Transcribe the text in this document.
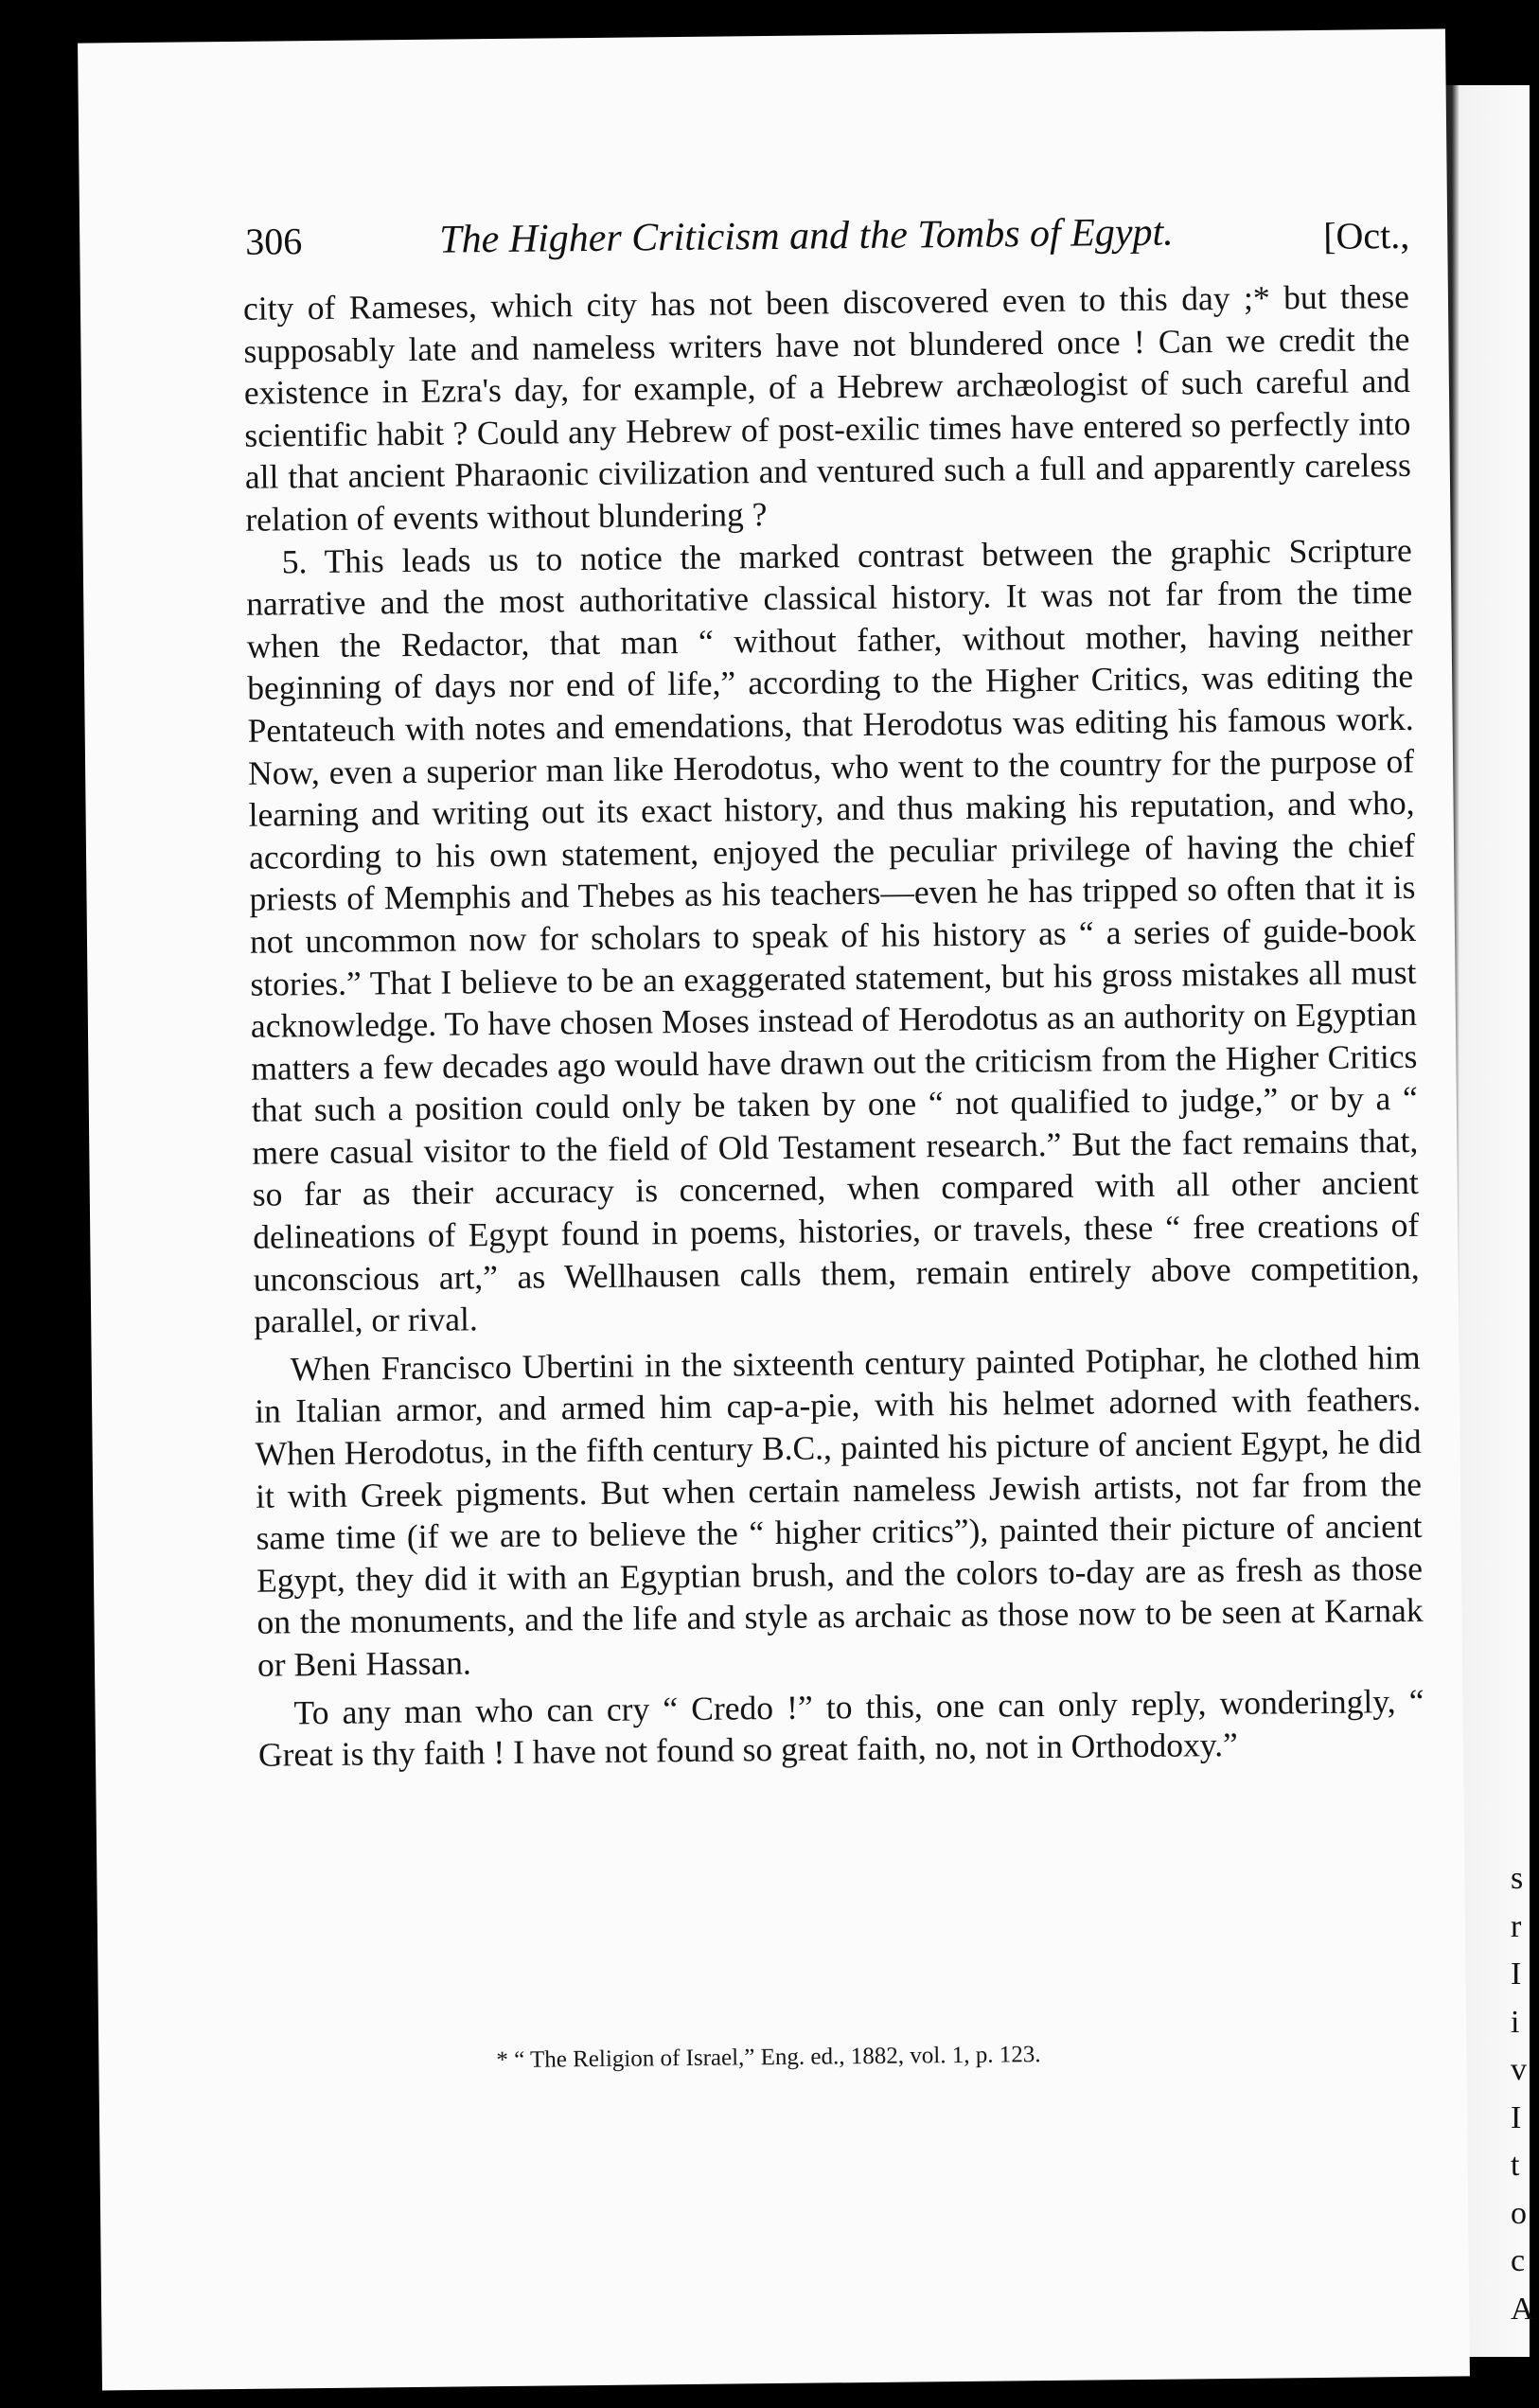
s
r
I
i
v
I
t
o
c
A
306	The Higher Criticism and the Tombs of Egypt.	[Oct.,

city of Rameses, which city has not been discovered even to this day ;* but these supposably late and nameless writers have not blundered once ! Can we credit the existence in Ezra's day, for example, of a Hebrew archæologist of such careful and scientific habit ? Could any Hebrew of post-exilic times have entered so perfectly into all that ancient Pharaonic civilization and ventured such a full and apparently careless relation of events without blundering ?

5. This leads us to notice the marked contrast between the graphic Scripture narrative and the most authoritative classical history. It was not far from the time when the Redactor, that man “ without father, without mother, having neither beginning of days nor end of life,” according to the Higher Critics, was editing the Pentateuch with notes and emendations, that Herodotus was editing his famous work. Now, even a superior man like Herodotus, who went to the country for the purpose of learning and writing out its exact history, and thus making his reputation, and who, according to his own statement, enjoyed the peculiar privilege of having the chief priests of Memphis and Thebes as his teachers—even he has tripped so often that it is not uncommon now for scholars to speak of his history as “ a series of guide-book stories.” That I believe to be an exaggerated statement, but his gross mistakes all must acknowledge. To have chosen Moses instead of Herodotus as an authority on Egyptian matters a few decades ago would have drawn out the criticism from the Higher Critics that such a position could only be taken by one “ not qualified to judge,” or by a “ mere casual visitor to the field of Old Testament research.” But the fact remains that, so far as their accuracy is concerned, when compared with all other ancient delineations of Egypt found in poems, histories, or travels, these “ free creations of unconscious art,” as Wellhausen calls them, remain entirely above competition, parallel, or rival.

When Francisco Ubertini in the sixteenth century painted Potiphar, he clothed him in Italian armor, and armed him cap-a-pie, with his helmet adorned with feathers. When Herodotus, in the fifth century B.C., painted his picture of ancient Egypt, he did it with Greek pigments. But when certain nameless Jewish artists, not far from the same time (if we are to believe the “ higher critics”), painted their picture of ancient Egypt, they did it with an Egyptian brush, and the colors to-day are as fresh as those on the monuments, and the life and style as archaic as those now to be seen at Karnak or Beni Hassan.

To any man who can cry “ Credo !” to this, one can only reply, wonderingly, “ Great is thy faith ! I have not found so great faith, no, not in Orthodoxy.”

* “ The Religion of Israel,” Eng. ed., 1882, vol. 1, p. 123.
